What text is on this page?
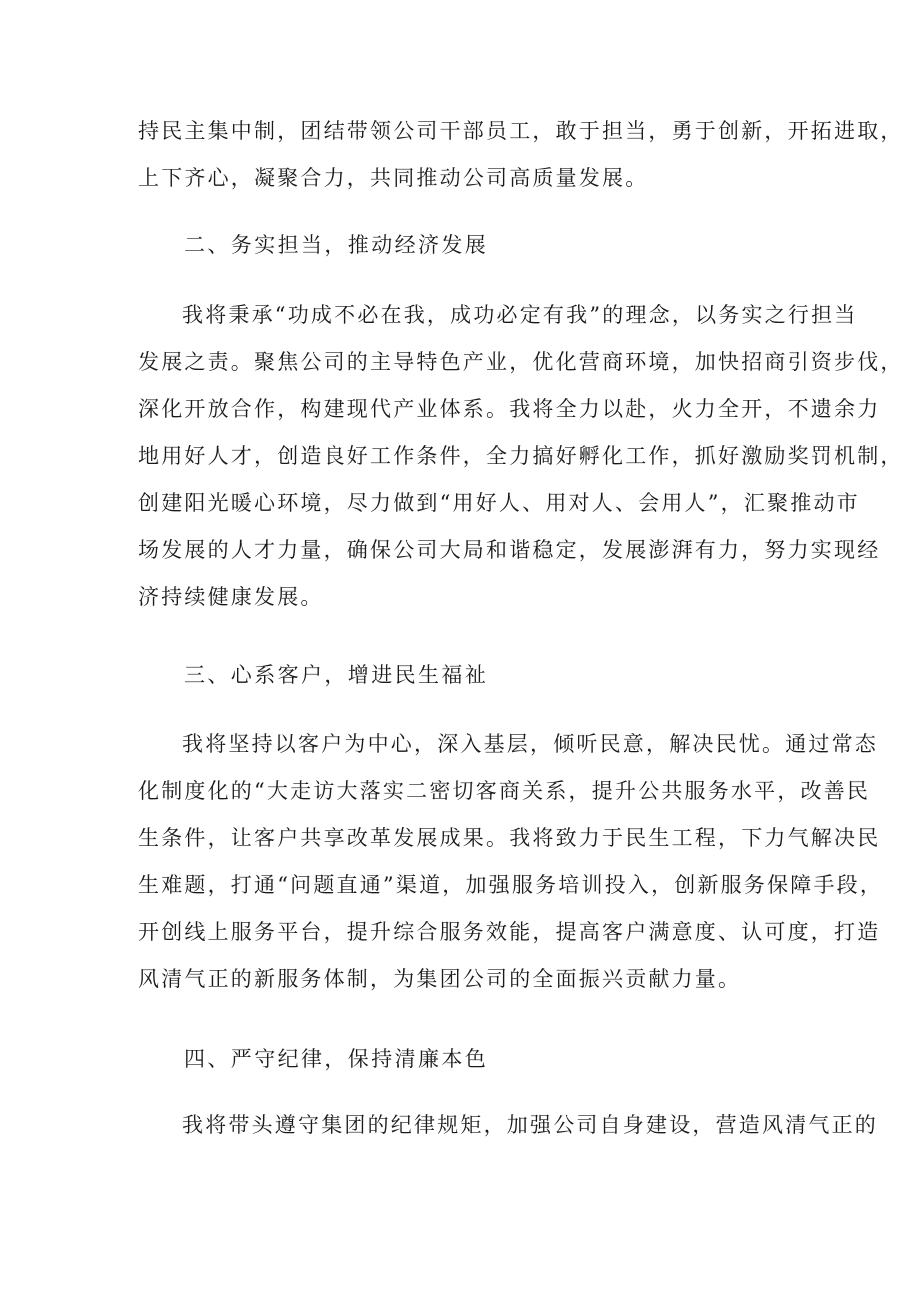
持民主集中制，团结带领公司干部员工，敢于担当，勇于创新，开拓进取，
上下齐心，凝聚合力，共同推动公司高质量发展。
二、务实担当，推动经济发展
我将秉承“功成不必在我，成功必定有我”的理念，以务实之行担当
发展之责。聚焦公司的主导特色产业，优化营商环境，加快招商引资步伐，
深化开放合作，构建现代产业体系。我将全力以赴，火力全开，不遗余力
地用好人才，创造良好工作条件，全力搞好孵化工作，抓好激励奖罚机制，
创建阳光暖心环境，尽力做到“用好人、用对人、会用人”，汇聚推动市
场发展的人才力量，确保公司大局和谐稳定，发展澎湃有力，努力实现经
济持续健康发展。
三、心系客户，增进民生福祉
我将坚持以客户为中心，深入基层，倾听民意，解决民忧。通过常态
化制度化的“大走访大落实二密切客商关系，提升公共服务水平，改善民
生条件，让客户共享改革发展成果。我将致力于民生工程，下力气解决民
生难题，打通“问题直通”渠道，加强服务培训投入，创新服务保障手段，
开创线上服务平台，提升综合服务效能，提高客户满意度、认可度，打造
风清气正的新服务体制，为集团公司的全面振兴贡献力量。
四、严守纪律，保持清廉本色
我将带头遵守集团的纪律规矩，加强公司自身建设，营造风清气正的
